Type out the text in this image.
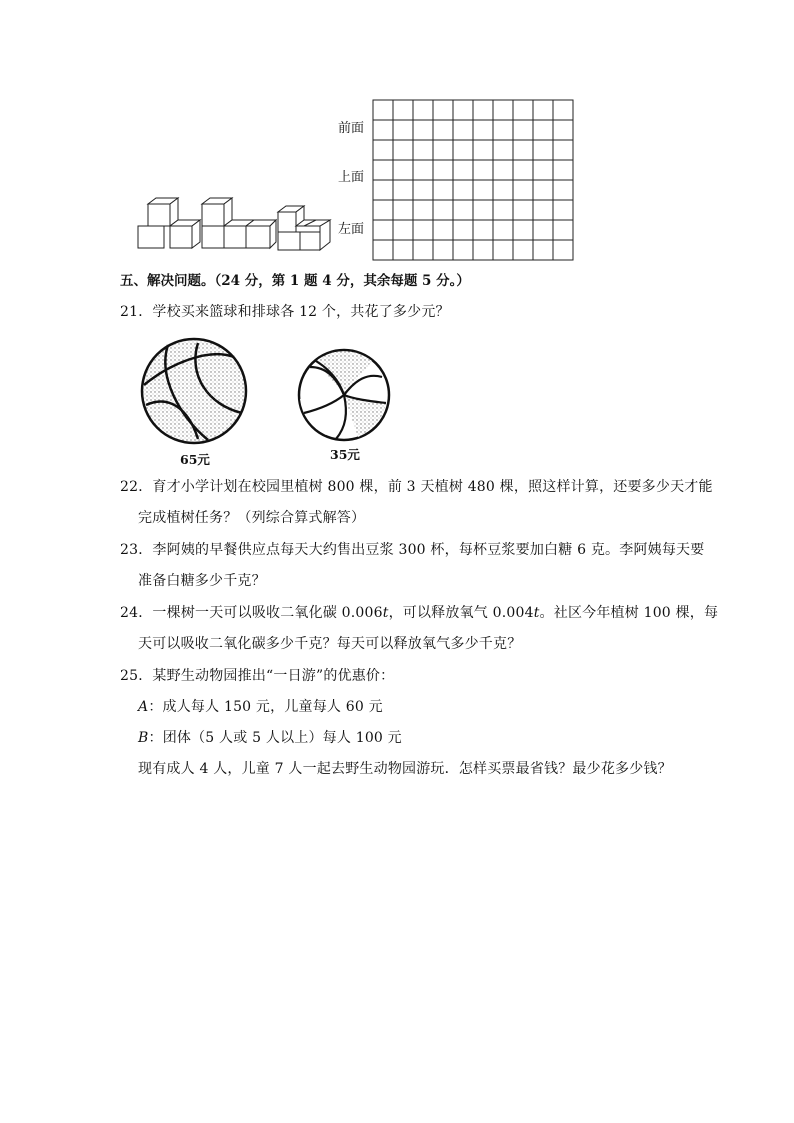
前面
上面
左面
五、解决问题。（24 分，第 1 题 4 分，其余每题 5 分。）
21．学校买来篮球和排球各 12 个，共花了多少元？
65元	35元
22．育才小学计划在校园里植树 800 棵，前 3 天植树 480 棵，照这样计算，还要多少天才能
完成植树任务？（列综合算式解答）
23．李阿姨的早餐供应点每天大约售出豆浆 300 杯，每杯豆浆要加白糖 6 克。李阿姨每天要
准备白糖多少千克？
24．一棵树一天可以吸收二氧化碳 0.006t，可以释放氧气 0.004t。社区今年植树 100 棵，每
天可以吸收二氧化碳多少千克？每天可以释放氧气多少千克？
25．某野生动物园推出“一日游”的优惠价：
A：成人每人 150 元，儿童每人 60 元
B：团体（5 人或 5 人以上）每人 100 元
现有成人 4 人，儿童 7 人一起去野生动物园游玩．怎样买票最省钱？最少花多少钱？
